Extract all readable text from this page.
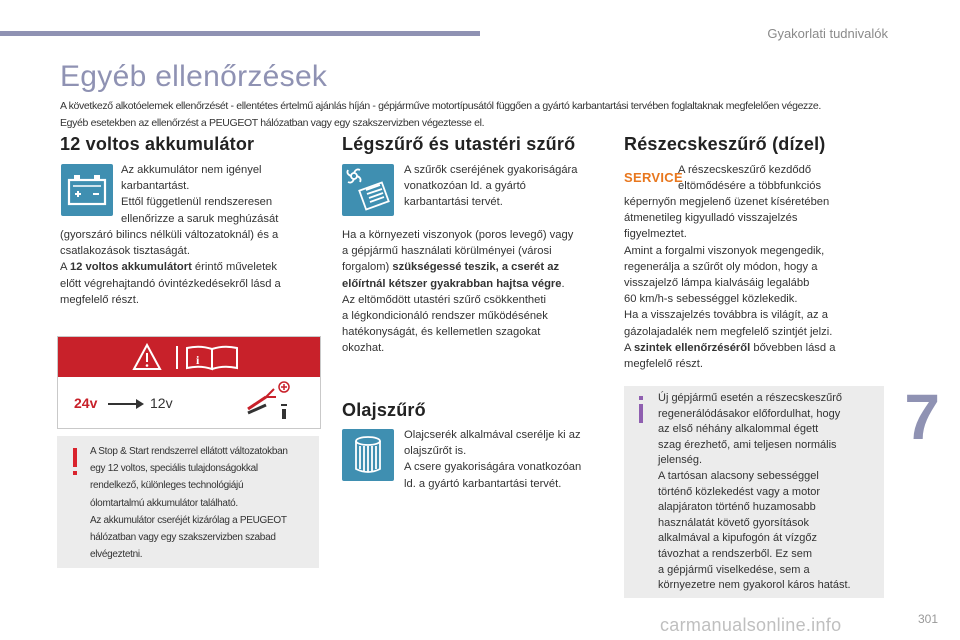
Gyakorlati tudnivalók
Egyéb ellenőrzések

A következő alkotóelemek ellenőrzését - ellentétes értelmű ajánlás híján - gépjárműve motortípusától függően a gyártó karbantartási tervében foglaltaknak megfelelően végezze.

Egyéb esetekben az ellenőrzést a PEUGEOT hálózatban vagy egy szakszervizben végeztesse el.

12 voltos akkumulátor

Az akkumulátor nem igényel

karbantartást.

Ettől függetlenül rendszeresen

ellenőrizze a saruk meghúzását

(gyorszáró bilincs nélküli változatoknál) és a

csatlakozások tisztaságát.

A 12 voltos akkumulátort érintő műveletek

előtt végrehajtandó óvintézkedésekről lásd a

megfelelő részt.

i
24v	12v
A Stop & Start rendszerrel ellátott változatokban
egy 12 voltos, speciális tulajdonságokkal
rendelkező, különleges technológiájú
ólomtartalmú akkumulátor található.
Az akkumulátor cseréjét kizárólag a PEUGEOT
hálózatban vagy egy szakszervizben szabad
elvégeztetni.
Légszűrő és utastéri szűrő

A szűrők cseréjének gyakoriságára

vonatkozóan ld. a gyártó

karbantartási tervét.

Ha a környezeti viszonyok (poros levegő) vagy

a gépjármű használati körülményei (városi

forgalom) szükségessé teszik, a cserét az

előírtnál kétszer gyakrabban hajtsa végre.

Az eltömődött utastéri szűrő csökkentheti

a légkondicionáló rendszer működésének

hatékonyságát, és kellemetlen szagokat

okozhat.

Olajszűrő

Olajcserék alkalmával cserélje ki az

olajszűrőt is.

A csere gyakoriságára vonatkozóan

ld. a gyártó karbantartási tervét.

Részecskeszűrő (dízel)
SERVICE

A részecskeszűrő kezdődő

eltömődésére a többfunkciós

képernyőn megjelenő üzenet kíséretében

átmenetileg kigyulladó visszajelzés

figyelmeztet.

Amint a forgalmi viszonyok megengedik,

regenerálja a szűrőt oly módon, hogy a

visszajelző lámpa kialvásáig legalább

60 km/h-s sebességgel közlekedik.

Ha a visszajelzés továbbra is világít, az a

gázolajadalék nem megfelelő szintjét jelzi.

A szintek ellenőrzéséről bővebben lásd a

megfelelő részt.

Új gépjármű esetén a részecskeszűrő
regenerálódásakor előfordulhat, hogy
az első néhány alkalommal égett
szag érezhető, ami teljesen normális
jelenség.
A tartósan alacsony sebességgel
történő közlekedést vagy a motor
alapjáraton történő huzamosabb
használatát követő gyorsítások
alkalmával a kipufogón át vízgőz
távozhat a rendszerből. Ez sem
a gépjármű viselkedése, sem a
környezetre nem gyakorol káros hatást.
7
carmanualsonline.info	301
